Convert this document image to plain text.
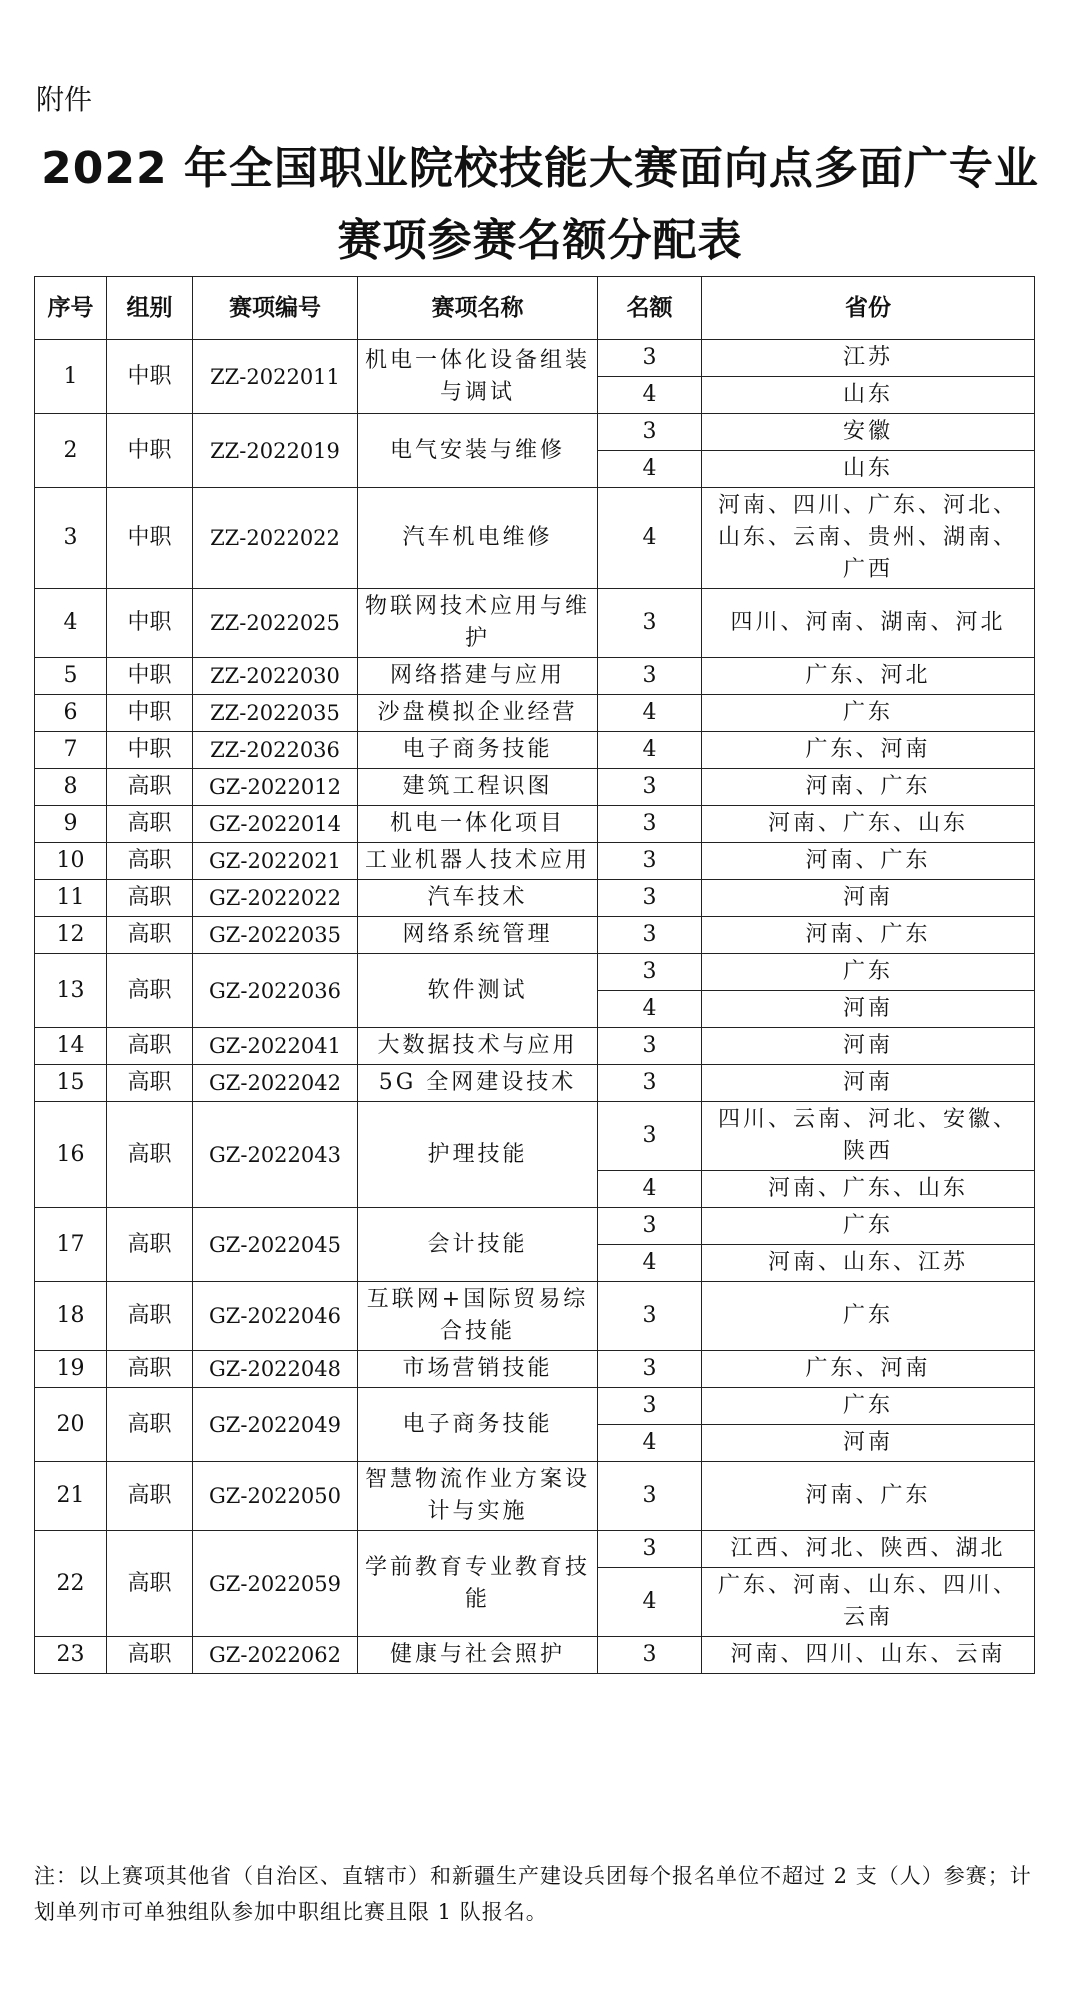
附件
2022 年全国职业院校技能大赛面向点多面广专业
赛项参赛名额分配表
序号	组别	赛项编号	赛项名称	名额	省份
1	中职	ZZ-2022011	机电一体化设备组装与调试	3	江苏
				4	山东
2	中职	ZZ-2022019	电气安装与维修	3	安徽
				4	山东
3	中职	ZZ-2022022	汽车机电维修	4	河南、四川、广东、河北、山东、云南、贵州、湖南、广西
4	中职	ZZ-2022025	物联网技术应用与维护	3	四川、河南、湖南、河北
5	中职	ZZ-2022030	网络搭建与应用	3	广东、河北
6	中职	ZZ-2022035	沙盘模拟企业经营	4	广东
7	中职	ZZ-2022036	电子商务技能	4	广东、河南
8	高职	GZ-2022012	建筑工程识图	3	河南、广东
9	高职	GZ-2022014	机电一体化项目	3	河南、广东、山东
10	高职	GZ-2022021	工业机器人技术应用	3	河南、广东
11	高职	GZ-2022022	汽车技术	3	河南
12	高职	GZ-2022035	网络系统管理	3	河南、广东
13	高职	GZ-2022036	软件测试	3	广东
				4	河南
14	高职	GZ-2022041	大数据技术与应用	3	河南
15	高职	GZ-2022042	5G 全网建设技术	3	河南
16	高职	GZ-2022043	护理技能	3	四川、云南、河北、安徽、陕西
				4	河南、广东、山东
17	高职	GZ-2022045	会计技能	3	广东
				4	河南、山东、江苏
18	高职	GZ-2022046	互联网+国际贸易综合技能	3	广东
19	高职	GZ-2022048	市场营销技能	3	广东、河南
20	高职	GZ-2022049	电子商务技能	3	广东
				4	河南
21	高职	GZ-2022050	智慧物流作业方案设计与实施	3	河南、广东
22	高职	GZ-2022059	学前教育专业教育技能	3	江西、河北、陕西、湖北
				4	广东、河南、山东、四川、云南
23	高职	GZ-2022062	健康与社会照护	3	河南、四川、山东、云南
注：以上赛项其他省（自治区、直辖市）和新疆生产建设兵团每个报名单位不超过 2 支（人）参赛；计划单列市可单独组队参加中职组比赛且限 1 队报名。
